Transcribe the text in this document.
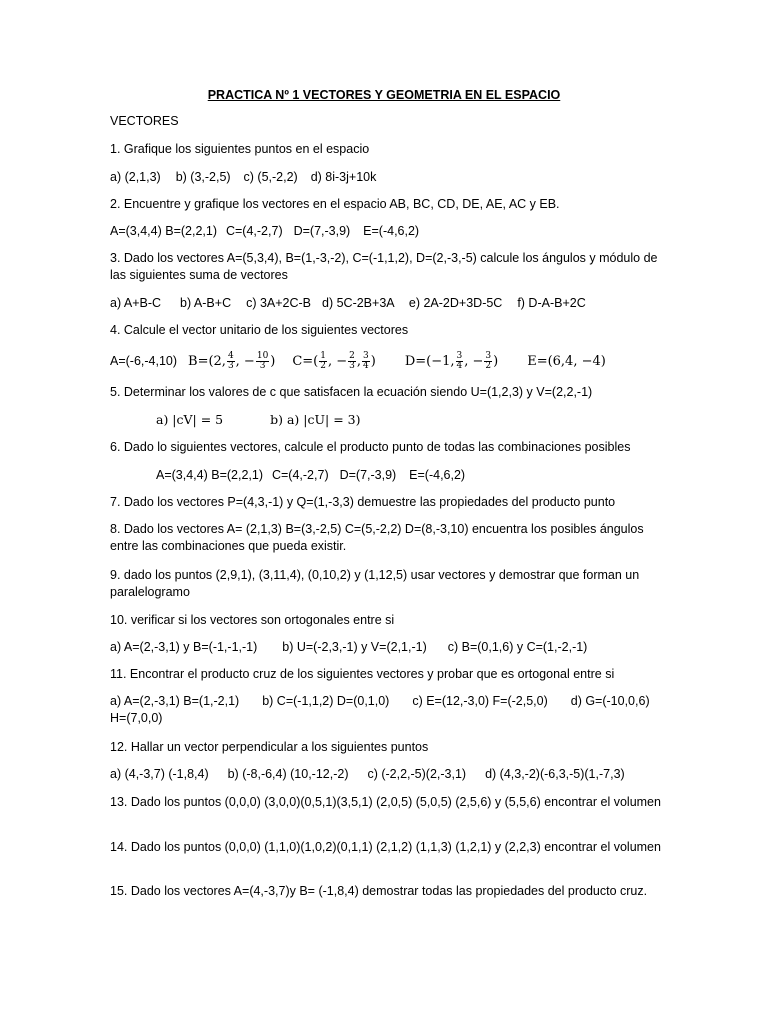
PRACTICA Nº 1 VECTORES Y GEOMETRIA EN EL ESPACIO
VECTORES
1. Grafique los siguientes puntos en el espacio
a) (2,1,3) b) (3,-2,5) c) (5,-2,2) d) 8i-3j+10k
2. Encuentre y grafique los vectores en el espacio AB, BC, CD, DE, AE, AC y EB.
A=(3,4,4) B=(2,2,1) C=(4,-2,7) D=(7,-3,9) E=(-4,6,2)
3. Dado los vectores A=(5,3,4), B=(1,-3,-2), C=(-1,1,2), D=(2,-3,-5) calcule los ángulos y módulo de las siguientes suma de vectores
a) A+B-C b) A-B+C c) 3A+2C-B d) 5C-2B+3A e) 2A-2D+3D-5C f) D-A-B+2C
4. Calcule el vector unitario de los siguientes vectores
A=(-6,-4,10) B=(2, $\frac{4}{3}$ , − $\frac{10}{3}$ ) $C=( \frac{1}{2}$ , − $\frac{2}{3}$ , $\frac{3}{4}$ ) D=(−1, $\frac{3}{4}$ , − $\frac{3}{2}$ ) E=(6,4, −4)
5. Determinar los valores de c que satisfacen la ecuación siendo U=(1,2,3) y V=(2,2,-1)
a) |cV| = 5	b) a) |cU| = 3)
6. Dado lo siguientes vectores, calcule el producto punto de todas las combinaciones posibles
A=(3,4,4) B=(2,2,1) C=(4,-2,7) D=(7,-3,9) E=(-4,6,2)
7. Dado los vectores P=(4,3,-1) y Q=(1,-3,3) demuestre las propiedades del producto punto
8. Dado los vectores A= (2,1,3) B=(3,-2,5) C=(5,-2,2) D=(8,-3,10) encuentra los posibles ángulos entre las combinaciones que pueda existir.
9. dado los puntos (2,9,1), (3,11,4), (0,10,2) y (1,12,5) usar vectores y demostrar que forman un paralelogramo
10. verificar si los vectores son ortogonales entre si
a) A=(2,-3,1) y B=(-1,-1,-1) b) U=(-2,3,-1) y V=(2,1,-1) c) B=(0,1,6) y C=(1,-2,-1)
11. Encontrar el producto cruz de los siguientes vectores y probar que es ortogonal entre si
a) A=(2,-3,1) B=(1,-2,1) b) C=(-1,1,2) D=(0,1,0) c) E=(12,-3,0) F=(-2,5,0) d) G=(-10,0,6)
H=(7,0,0)
12. Hallar un vector perpendicular a los siguientes puntos
a) (4,-3,7) (-1,8,4) b) (-8,-6,4) (10,-12,-2) c) (-2,2,-5)(2,-3,1) d) (4,3,-2)(-6,3,-5)(1,-7,3)
13. Dado los puntos (0,0,0) (3,0,0)(0,5,1)(3,5,1) (2,0,5) (5,0,5) (2,5,6) y (5,5,6) encontrar el volumen
14. Dado los puntos (0,0,0) (1,1,0)(1,0,2)(0,1,1) (2,1,2) (1,1,3) (1,2,1) y (2,2,3) encontrar el volumen
15. Dado los vectores A=(4,-3,7)y B= (-1,8,4) demostrar todas las propiedades del producto cruz.
